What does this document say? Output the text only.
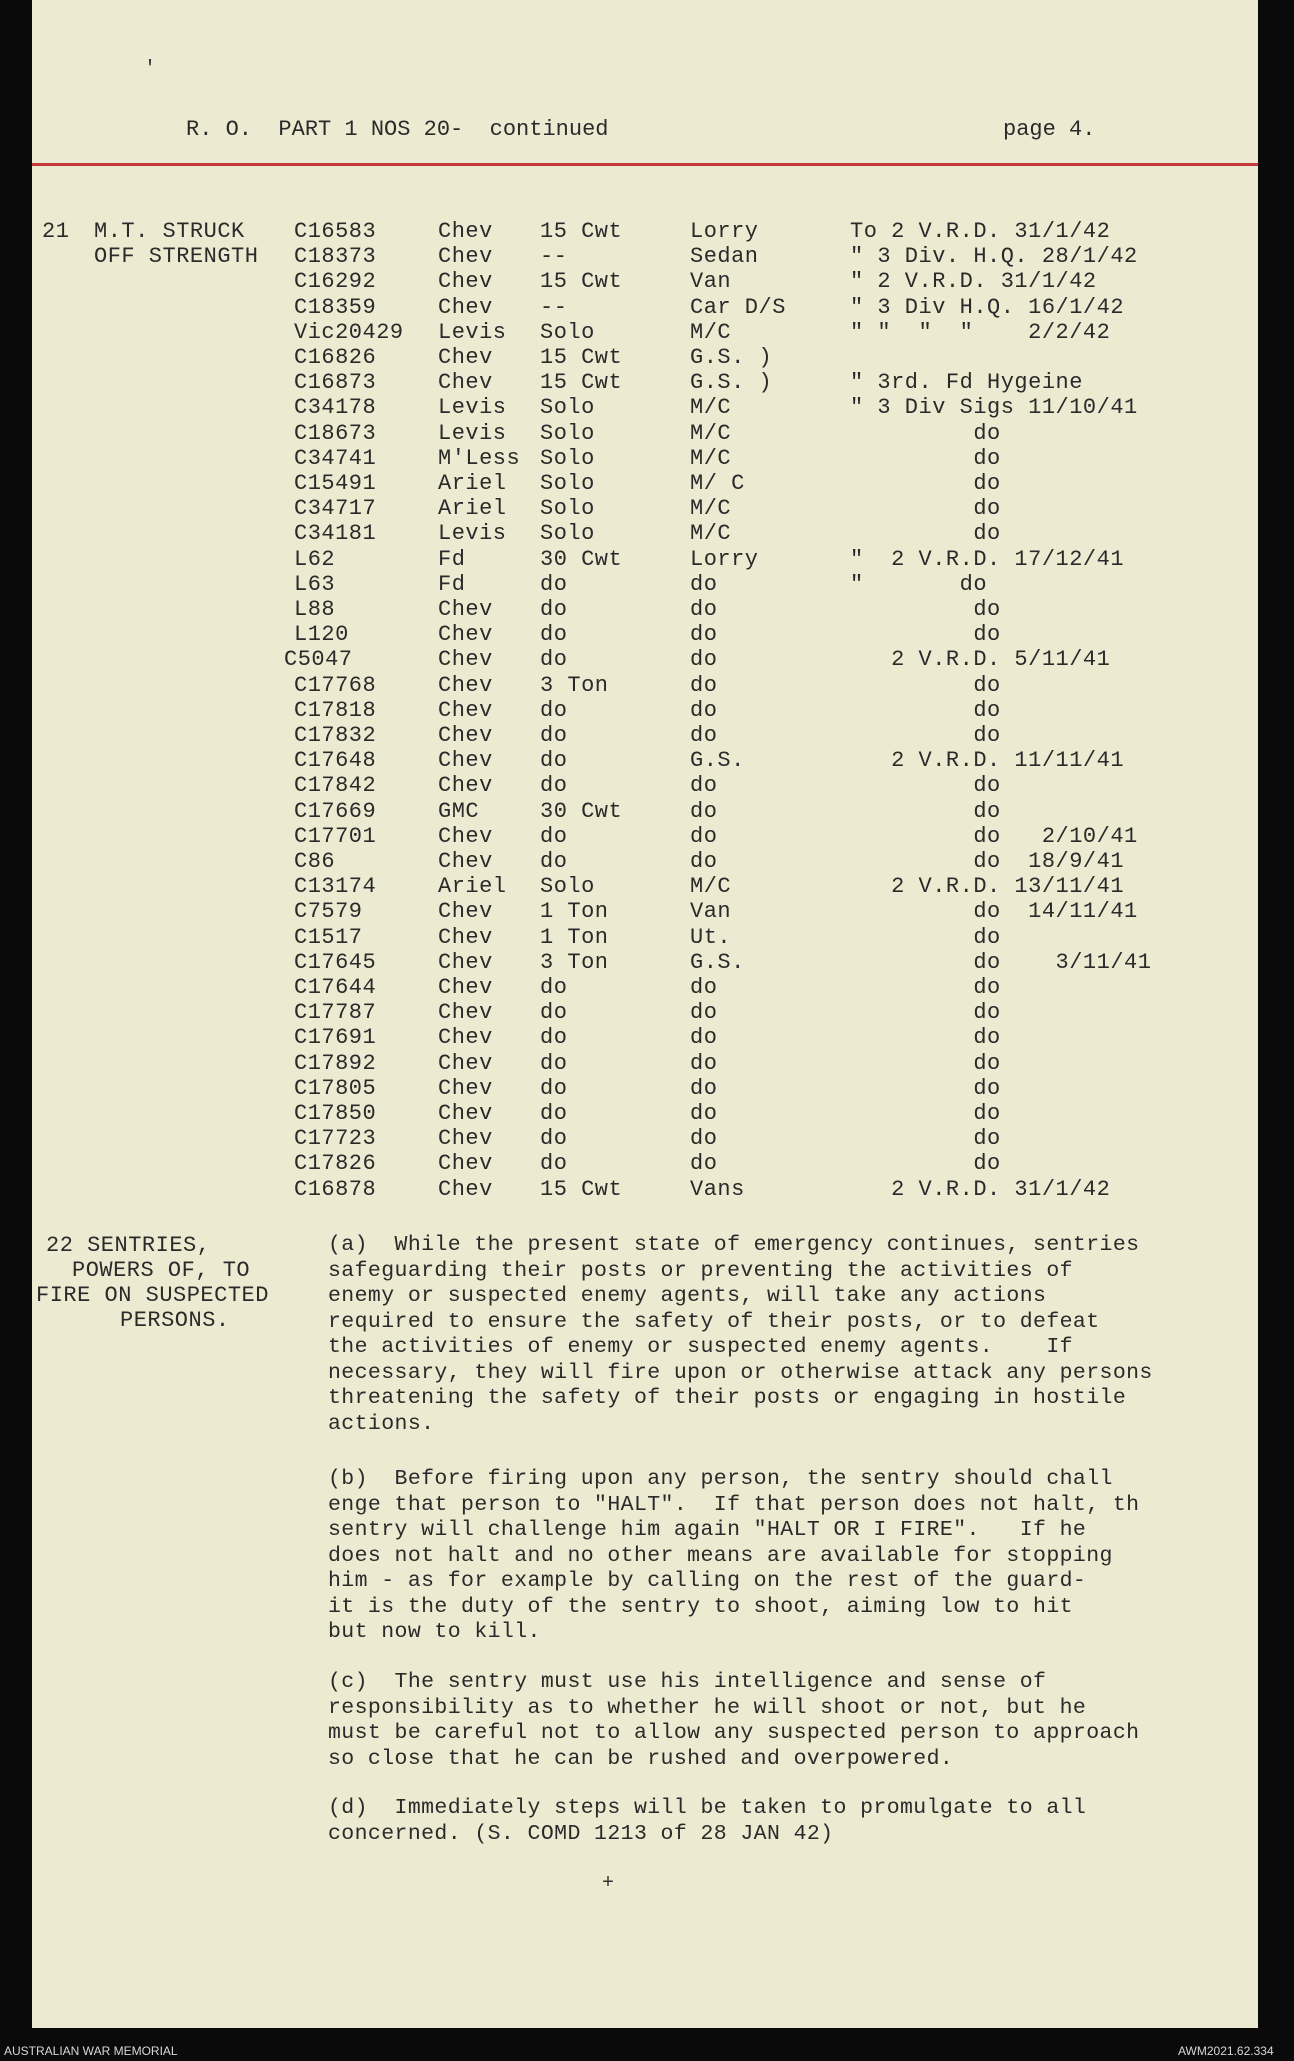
'
R. O.  PART 1 NOS 20-  continued	page 4.
21 M.T. STRUCK
OFF STRENGTH
C16583	Chev 15 Cwt	Lorry	To 2 V.R.D. 31/1/42
C18373	Chev --	Sedan	" 3 Div. H.Q. 28/1/42
C16292	Chev 15 Cwt	Van	" 2 V.R.D. 31/1/42
C18359	Chev --	Car D/S	" 3 Div H.Q. 16/1/42
Vic20429 Levis Solo	M/C	" "  "  "    2/2/42
C16826	Chev 15 Cwt	G.S. )
C16873	Chev 15 Cwt	G.S. )	" 3rd. Fd Hygeine
C34178	Levis Solo	M/C	" 3 Div Sigs 11/10/41
C18673	Levis Solo	M/C	do
C34741	M'Less Solo	M/C	do
C15491	Ariel Solo	M/ C	do
C34717	Ariel Solo	M/C	do
C34181	Levis Solo	M/C	do
L62	Fd	30 Cwt	Lorry	"  2 V.R.D. 17/12/41
L63	Fd	do	do	"       do
L88	Chev do	do	do
L120	Chev do	do	do
C5047	Chev do	do	2 V.R.D. 5/11/41
C17768	Chev 3 Ton	do	do
C17818	Chev do	do	do
C17832	Chev do	do	do
C17648	Chev do	G.S.	2 V.R.D. 11/11/41
C17842	Chev do	do	do
C17669	GMC	30 Cwt	do	do
C17701	Chev do	do	do   2/10/41
C86	Chev do	do	do  18/9/41
C13174	Ariel Solo	M/C	2 V.R.D. 13/11/41
C7579	Chev 1 Ton	Van	do  14/11/41
C1517	Chev 1 Ton	Ut.	do
C17645	Chev 3 Ton	G.S.	do    3/11/41
C17644	Chev do	do	do
C17787	Chev do	do	do
C17691	Chev do	do	do
C17892	Chev do	do	do
C17805	Chev do	do	do
C17850	Chev do	do	do
C17723	Chev do	do	do
C17826	Chev do	do	do
C16878	Chev 15 Cwt	Vans	2 V.R.D. 31/1/42
22 SENTRIES,
POWERS OF, TO
FIRE ON SUSPECTED
PERSONS.
(a)  While the present state of emergency continues, sentries
safeguarding their posts or preventing the activities of
enemy or suspected enemy agents, will take any actions
required to ensure the safety of their posts, or to defeat
the activities of enemy or suspected enemy agents.    If
necessary, they will fire upon or otherwise attack any persons
threatening the safety of their posts or engaging in hostile
actions.
(b)  Before firing upon any person, the sentry should chall
enge that person to "HALT".  If that person does not halt, th
sentry will challenge him again "HALT OR I FIRE".   If he
does not halt and no other means are available for stopping
him - as for example by calling on the rest of the guard-
it is the duty of the sentry to shoot, aiming low to hit
but now to kill.
(c)  The sentry must use his intelligence and sense of
responsibility as to whether he will shoot or not, but he
must be careful not to allow any suspected person to approach
so close that he can be rushed and overpowered.
(d)  Immediately steps will be taken to promulgate to all
concerned. (S. COMD 1213 of 28 JAN 42)
+
AUSTRALIAN WAR MEMORIAL	AWM2021.62.334
